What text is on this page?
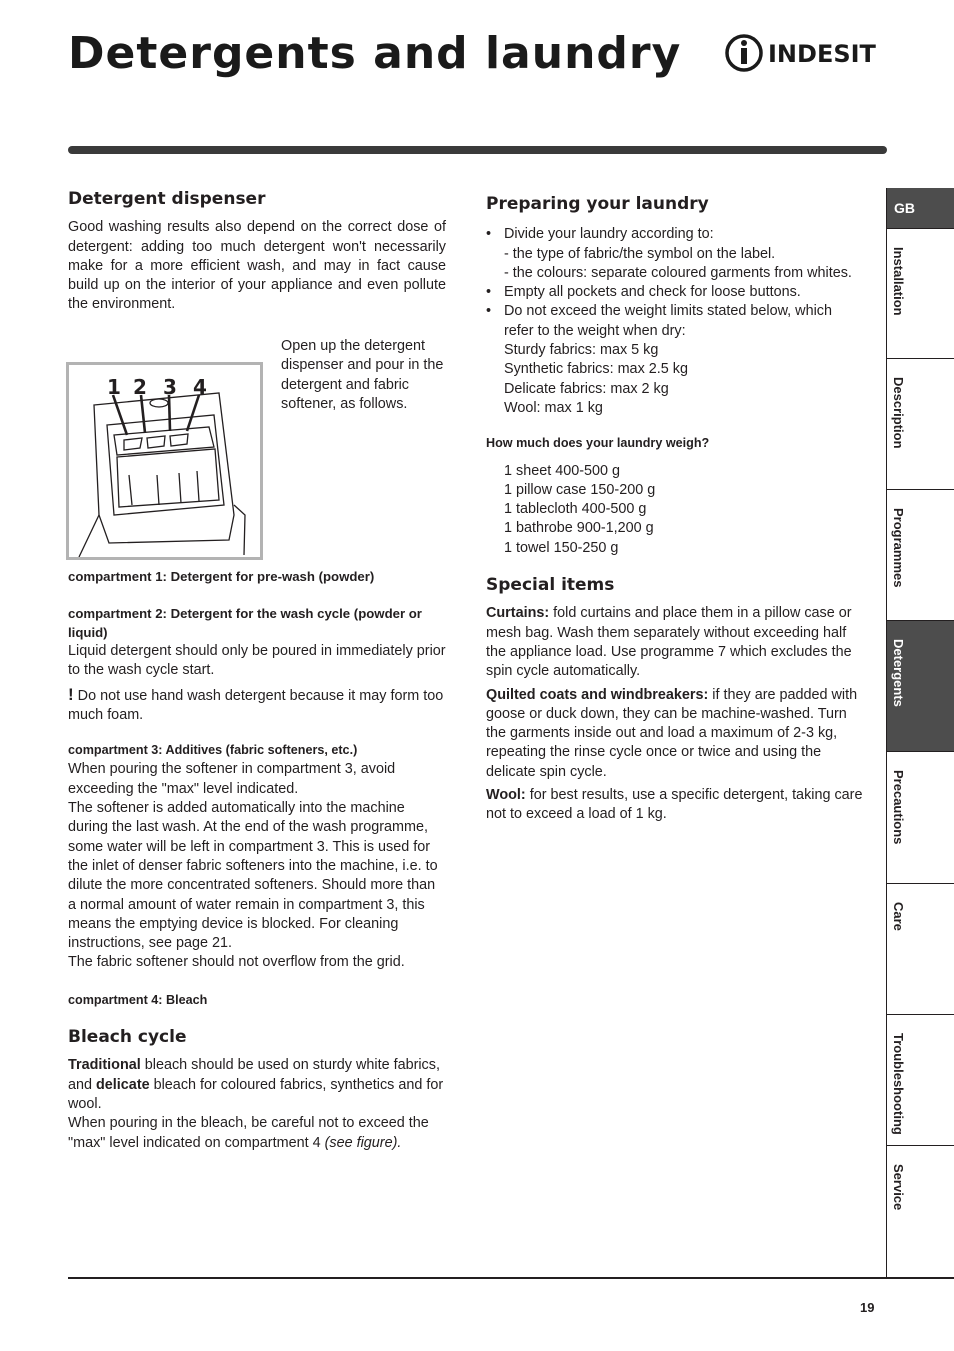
Detergents and laundry	INDESIT

Detergent dispenser

Good washing results also depend on the correct dose of detergent: adding too much detergent won't necessarily make for a more efficient wash, and may in fact cause build up on the interior of your appliance and even pollute the environment.

1 2 3 4

Open up the detergent dispenser and pour in the detergent and fabric softener, as follows.

compartment 1: Detergent for pre-wash (powder)

compartment 2: Detergent for the wash cycle (powder or liquid)

Liquid detergent should only be poured in immediately prior to the wash cycle start.

! Do not use hand wash detergent because it may form too much foam.

compartment 3: Additives (fabric softeners, etc.)

When pouring the softener in compartment 3, avoid exceeding the "max" level indicated.

The softener is added automatically into the machine during the last wash. At the end of the wash programme, some water will be left in compartment 3. This is used for the inlet of denser fabric softeners into the machine, i.e. to dilute the more concentrated softeners. Should more than a normal amount of water remain in compartment 3, this means the emptying device is blocked. For cleaning instructions, see page 21.

The fabric softener should not overflow from the grid.

compartment 4: Bleach

Bleach cycle

Traditional bleach should be used on sturdy white fabrics, and delicate bleach for coloured fabrics, synthetics and for wool.

When pouring in the bleach, be careful not to exceed the "max" level indicated on compartment 4 (see figure).

Preparing your laundry

• Divide your laundry according to:
- the type of fabric/the symbol on the label.
- the colours: separate coloured garments from whites.
• Empty all pockets and check for loose buttons.
• Do not exceed the weight limits stated below, which refer to the weight when dry:
Sturdy fabrics: max 5 kg
Synthetic fabrics: max 2.5 kg
Delicate fabrics: max 2 kg
Wool: max 1 kg

How much does your laundry weigh?

1 sheet 400-500 g

1 pillow case 150-200 g

1 tablecloth 400-500 g

1 bathrobe 900-1,200 g

1 towel 150-250 g

Special items

Curtains: fold curtains and place them in a pillow case or mesh bag. Wash them separately without exceeding half the appliance load. Use programme 7 which excludes the spin cycle automatically.

Quilted coats and windbreakers: if they are padded with goose or duck down, they can be machine-washed. Turn the garments inside out and load a maximum of 2-3 kg, repeating the rinse cycle once or twice and using the delicate spin cycle.

Wool: for best results, use a specific detergent, taking care not to exceed a load of 1 kg.

GB
Installation
Description
Programmes
Detergents
Precautions
Care
Troubleshooting
Service
19
